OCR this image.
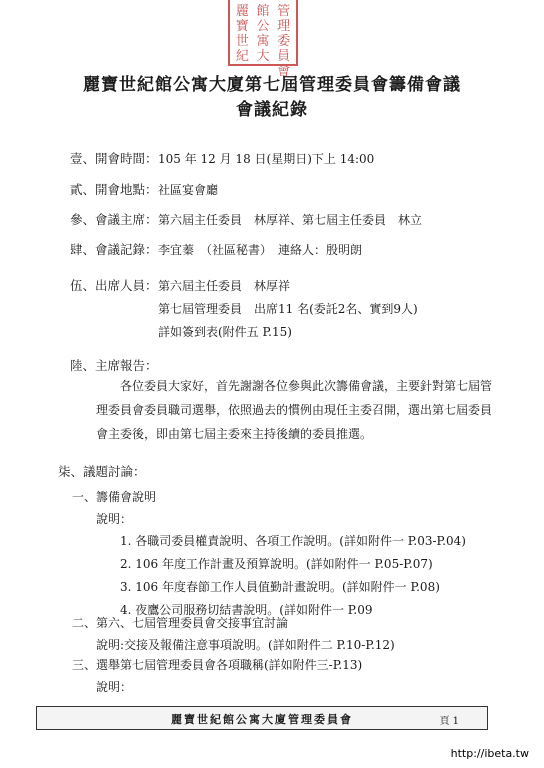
麗寶世紀
館公寓大
管理委員會
麗寶世紀館公寓大廈第七屆管理委員會籌備會議
會議紀錄
壹、開會時間： 105 年 12 月 18 日(星期日)下上 14:00
貳、開會地點： 社區宴會廳
參、會議主席： 第六屆主任委員　林厚祥、第七屆主任委員　林立
肆、會議記錄： 李宜蓁　（社區秘書）　連絡人：殷明朗
伍、出席人員： 第六屆主任委員　林厚祥
第七屆管理委員　出席11 名(委託2名、實到9人)
詳如簽到表(附件五 P.15)
陸、主席報告：

各位委員大家好，首先謝謝各位參與此次籌備會議，主要針對第七屆管

理委員會委員職司選舉，依照過去的慣例由現任主委召開，選出第七屆委員

會主委後，即由第七屆主委來主持後續的委員推選。

柒、議題討論：
一、籌備會說明
說明：
1. 各職司委員權責說明、各項工作說明。(詳如附件一 P.03-P.04)
2. 106 年度工作計畫及預算說明。(詳如附件一 P.05-P.07)
3. 106 年度春節工作人員值勤計畫說明。(詳如附件一 P.08)
4. 夜鷹公司服務切結書說明。(詳如附件一 P.09
二、第六、七屆管理委員會交接事宜討論
說明:交接及報備注意事項說明。(詳如附件二 P.10-P.12)
三、選舉第七屆管理委員會各項職稱(詳如附件三-P.13)
說明：
麗寶世紀館公寓大廈管理委員會	頁 1
http://ibeta.tw
